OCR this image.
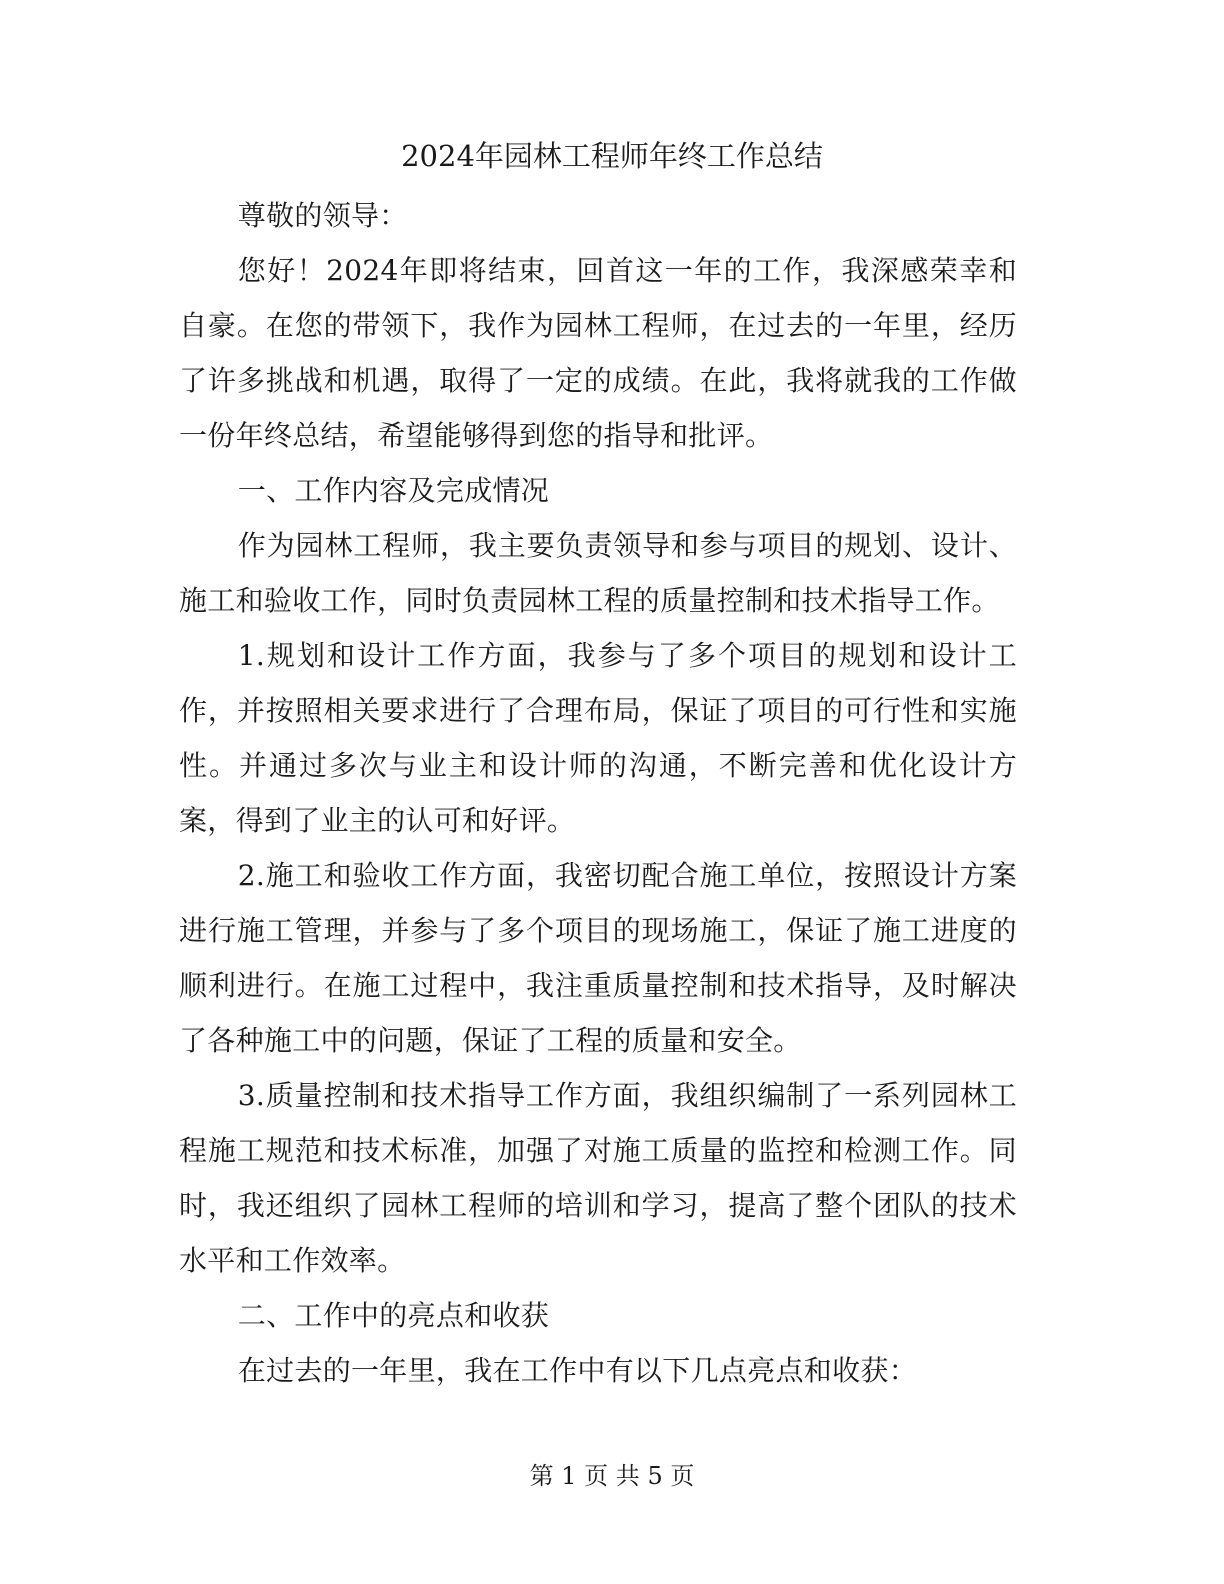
2024年园林工程师年终工作总结

尊敬的领导：

您好！2024年即将结束，回首这一年的工作，我深感荣幸和自豪。在您的带领下，我作为园林工程师，在过去的一年里，经历了许多挑战和机遇，取得了一定的成绩。在此，我将就我的工作做一份年终总结，希望能够得到您的指导和批评。

一、工作内容及完成情况

作为园林工程师，我主要负责领导和参与项目的规划、设计、施工和验收工作，同时负责园林工程的质量控制和技术指导工作。

1.规划和设计工作方面，我参与了多个项目的规划和设计工作，并按照相关要求进行了合理布局，保证了项目的可行性和实施性。并通过多次与业主和设计师的沟通，不断完善和优化设计方案，得到了业主的认可和好评。

2.施工和验收工作方面，我密切配合施工单位，按照设计方案进行施工管理，并参与了多个项目的现场施工，保证了施工进度的顺利进行。在施工过程中，我注重质量控制和技术指导，及时解决了各种施工中的问题，保证了工程的质量和安全。

3.质量控制和技术指导工作方面，我组织编制了一系列园林工程施工规范和技术标准，加强了对施工质量的监控和检测工作。同时，我还组织了园林工程师的培训和学习，提高了整个团队的技术水平和工作效率。

二、工作中的亮点和收获

在过去的一年里，我在工作中有以下几点亮点和收获：

第 1 页 共 5 页
